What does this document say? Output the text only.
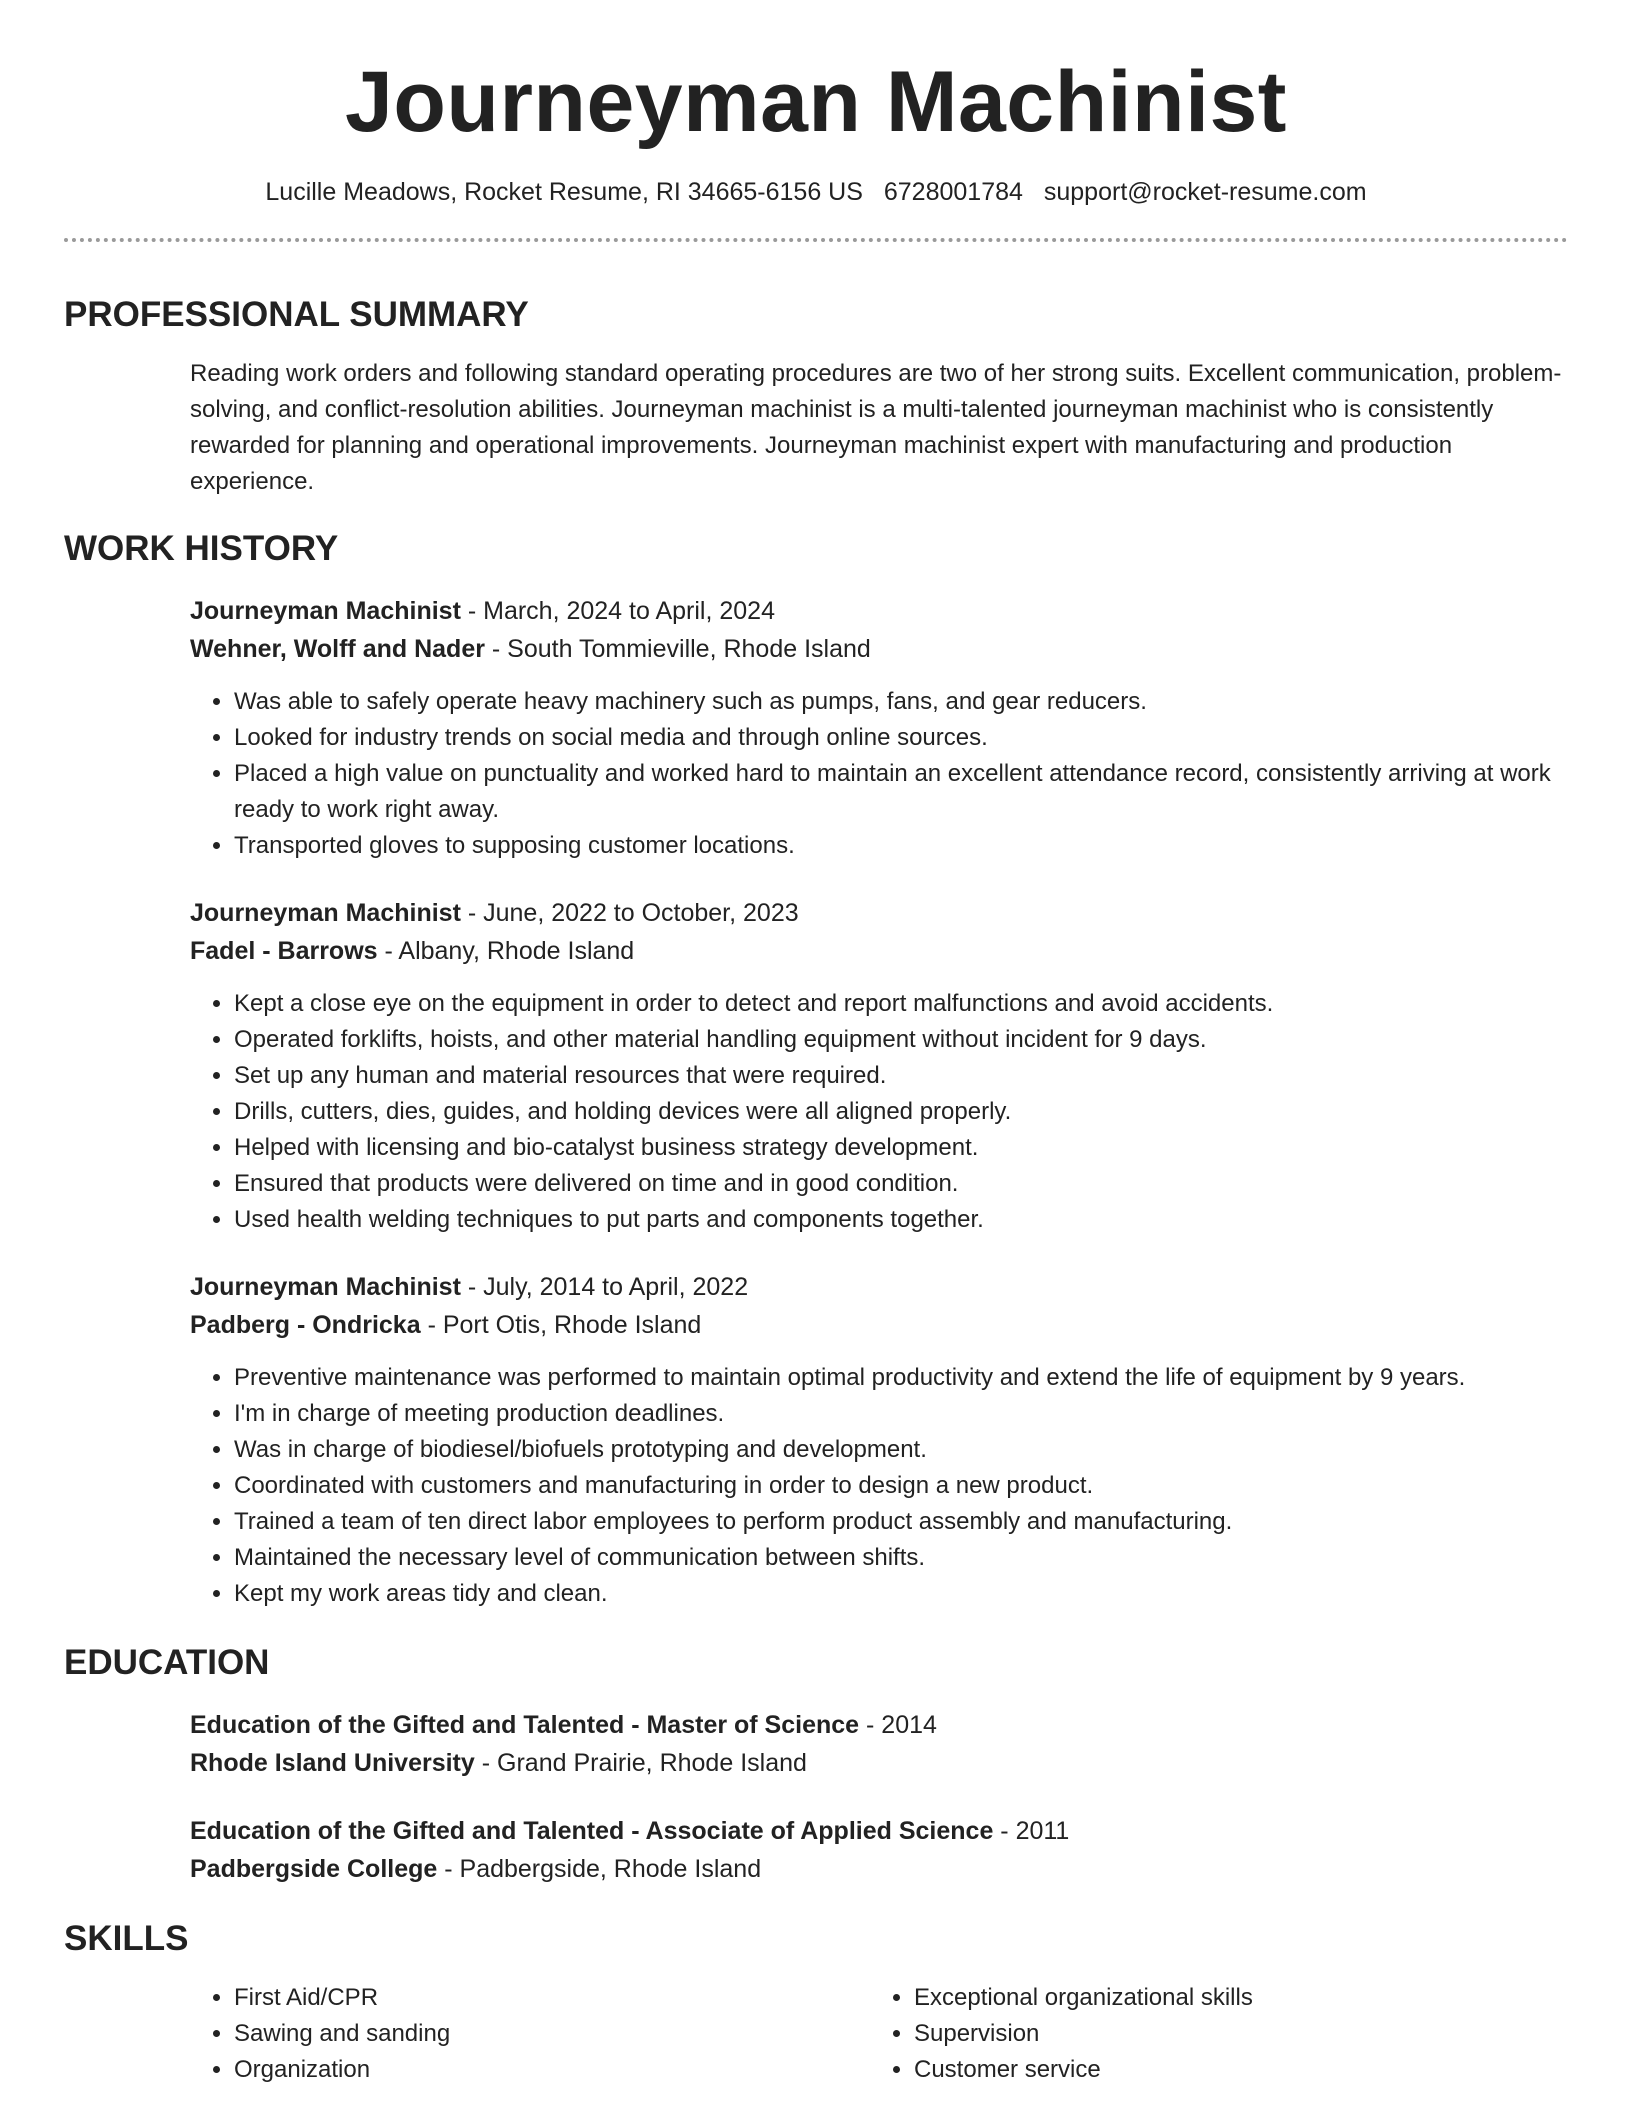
Journeyman Machinist
Lucille Meadows, Rocket Resume, RI 34665-6156 US 6728001784 support@rocket-resume.com
PROFESSIONAL SUMMARY

Reading work orders and following standard operating procedures are two of her strong suits. Excellent communication, problem-solving, and conflict-resolution abilities. Journeyman machinist is a multi-talented journeyman machinist who is consistently rewarded for planning and operational improvements. Journeyman machinist expert with manufacturing and production experience.

WORK HISTORY

Journeyman Machinist - March, 2024 to April, 2024

Wehner, Wolff and Nader - South Tommieville, Rhode Island

• Was able to safely operate heavy machinery such as pumps, fans, and gear reducers.
• Looked for industry trends on social media and through online sources.
• Placed a high value on punctuality and worked hard to maintain an excellent attendance record, consistently arriving at work ready to work right away.
• Transported gloves to supposing customer locations.

Journeyman Machinist - June, 2022 to October, 2023

Fadel - Barrows - Albany, Rhode Island

• Kept a close eye on the equipment in order to detect and report malfunctions and avoid accidents.
• Operated forklifts, hoists, and other material handling equipment without incident for 9 days.
• Set up any human and material resources that were required.
• Drills, cutters, dies, guides, and holding devices were all aligned properly.
• Helped with licensing and bio-catalyst business strategy development.
• Ensured that products were delivered on time and in good condition.
• Used health welding techniques to put parts and components together.

Journeyman Machinist - July, 2014 to April, 2022

Padberg - Ondricka - Port Otis, Rhode Island

• Preventive maintenance was performed to maintain optimal productivity and extend the life of equipment by 9 years.
• I'm in charge of meeting production deadlines.
• Was in charge of biodiesel/biofuels prototyping and development.
• Coordinated with customers and manufacturing in order to design a new product.
• Trained a team of ten direct labor employees to perform product assembly and manufacturing.
• Maintained the necessary level of communication between shifts.
• Kept my work areas tidy and clean.
EDUCATION

Education of the Gifted and Talented - Master of Science - 2014

Rhode Island University - Grand Prairie, Rhode Island

Education of the Gifted and Talented - Associate of Applied Science - 2011

Padbergside College - Padbergside, Rhode Island

SKILLS
• First Aid/CPR
• Sawing and sanding
• Organization
• Exceptional organizational skills
• Supervision
• Customer service
